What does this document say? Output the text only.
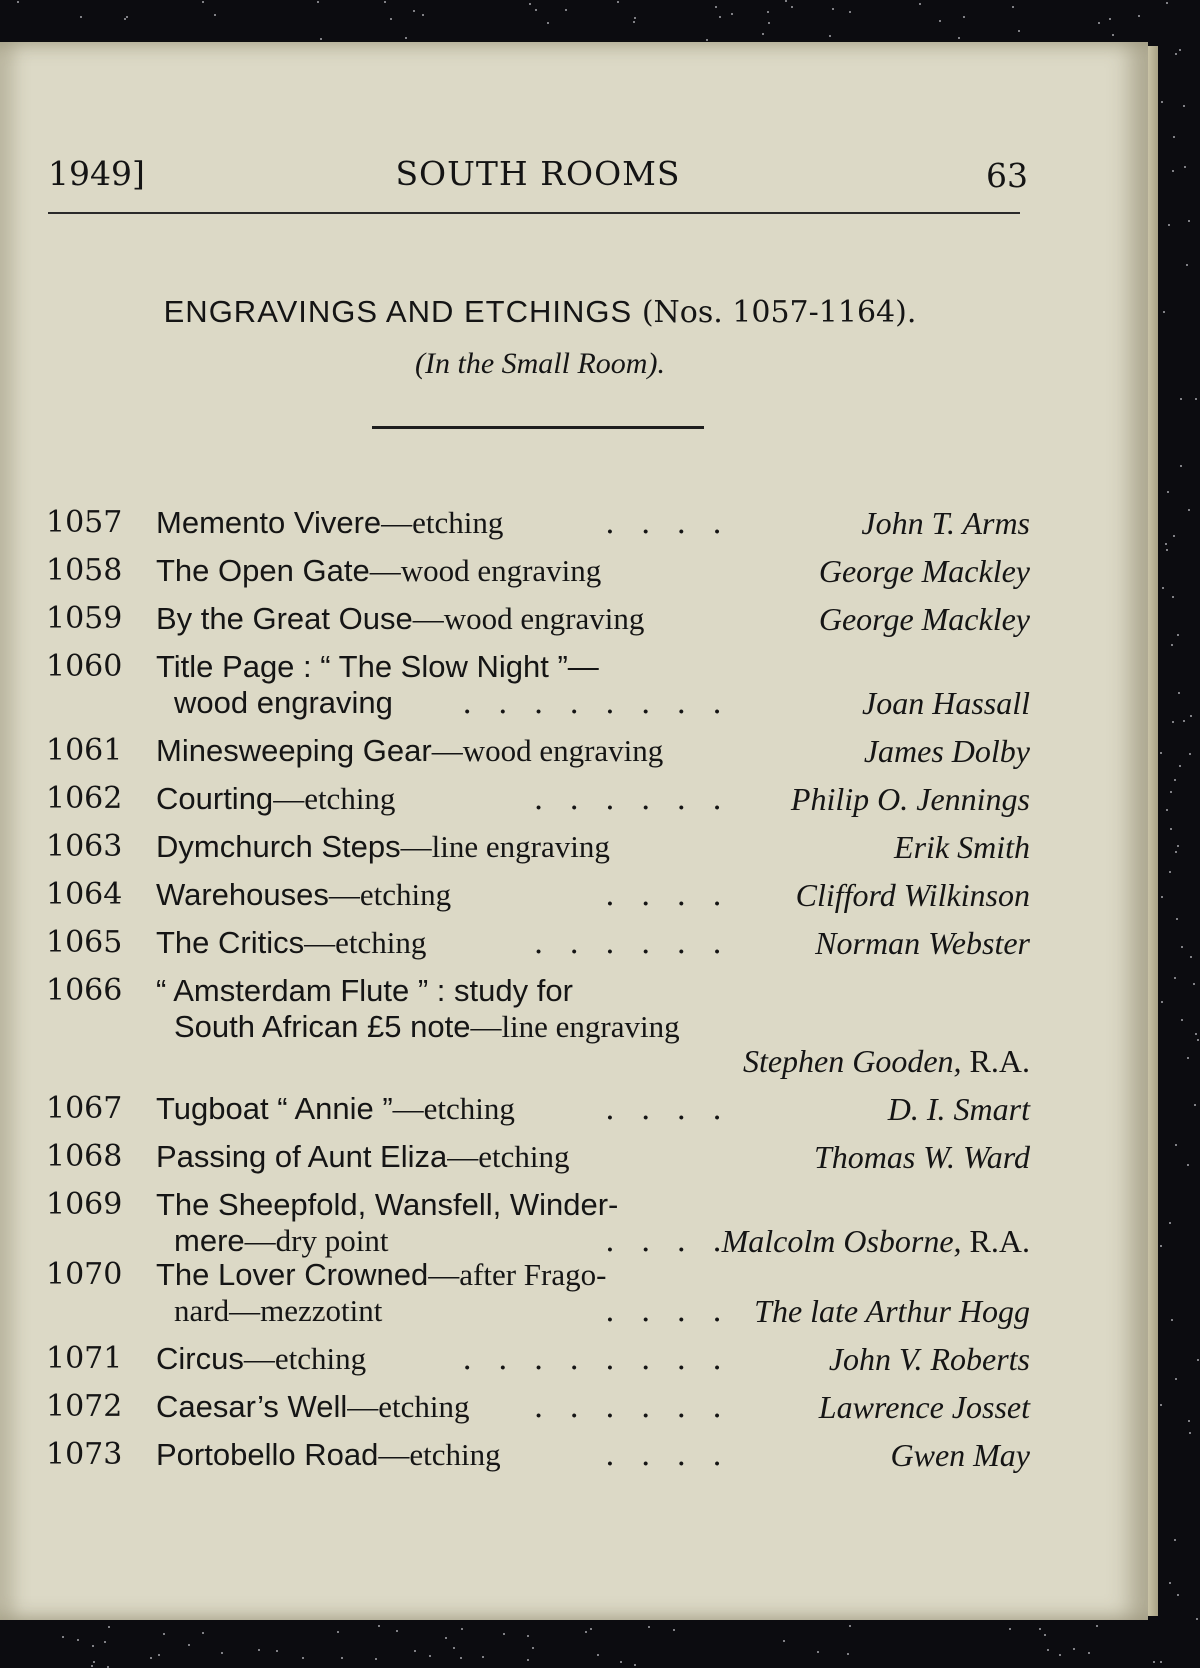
1949]	SOUTH ROOMS	63
ENGRAVINGS AND ETCHINGS (Nos. 1057-1164).
(In the Small Room).
1057 Memento Vivere—etching	. . . .	John T. Arms
1058 The Open Gate—wood engraving	George Mackley
1059 By the Great Ouse—wood engraving	George Mackley
1060 Title Page : “ The Slow Night ”—
wood engraving . . . . . . . .	Joan Hassall
1061 Minesweeping Gear—wood engraving	James Dolby
1062 Courting—etching	. . . . . . Philip O. Jennings
1063 Dymchurch Steps—line engraving	Erik Smith
1064 Warehouses—etching	. . . . Clifford Wilkinson
1065 The Critics—etching	. . . . . .	Norman Webster
1066 “ Amsterdam Flute ” : study for
South African £5 note—line engraving
Stephen Gooden, R.A.
1067 Tugboat “ Annie ”—etching	. . . .	D. I. Smart
1068 Passing of Aunt Eliza—etching	Thomas W. Ward
1069 The Sheepfold, Wansfell, Winder-
mere—dry point	. . . .
Malcolm Osborne, R.A.
1070 The Lover Crowned—after Frago-
nard—mezzotint	. . . . The late Arthur Hogg
1071 Circus—etching	. . . . . . . .	John V. Roberts
1072 Caesar’s Well—etching . . . . . .	Lawrence Josset
1073 Portobello Road—etching	. . . .	Gwen May
